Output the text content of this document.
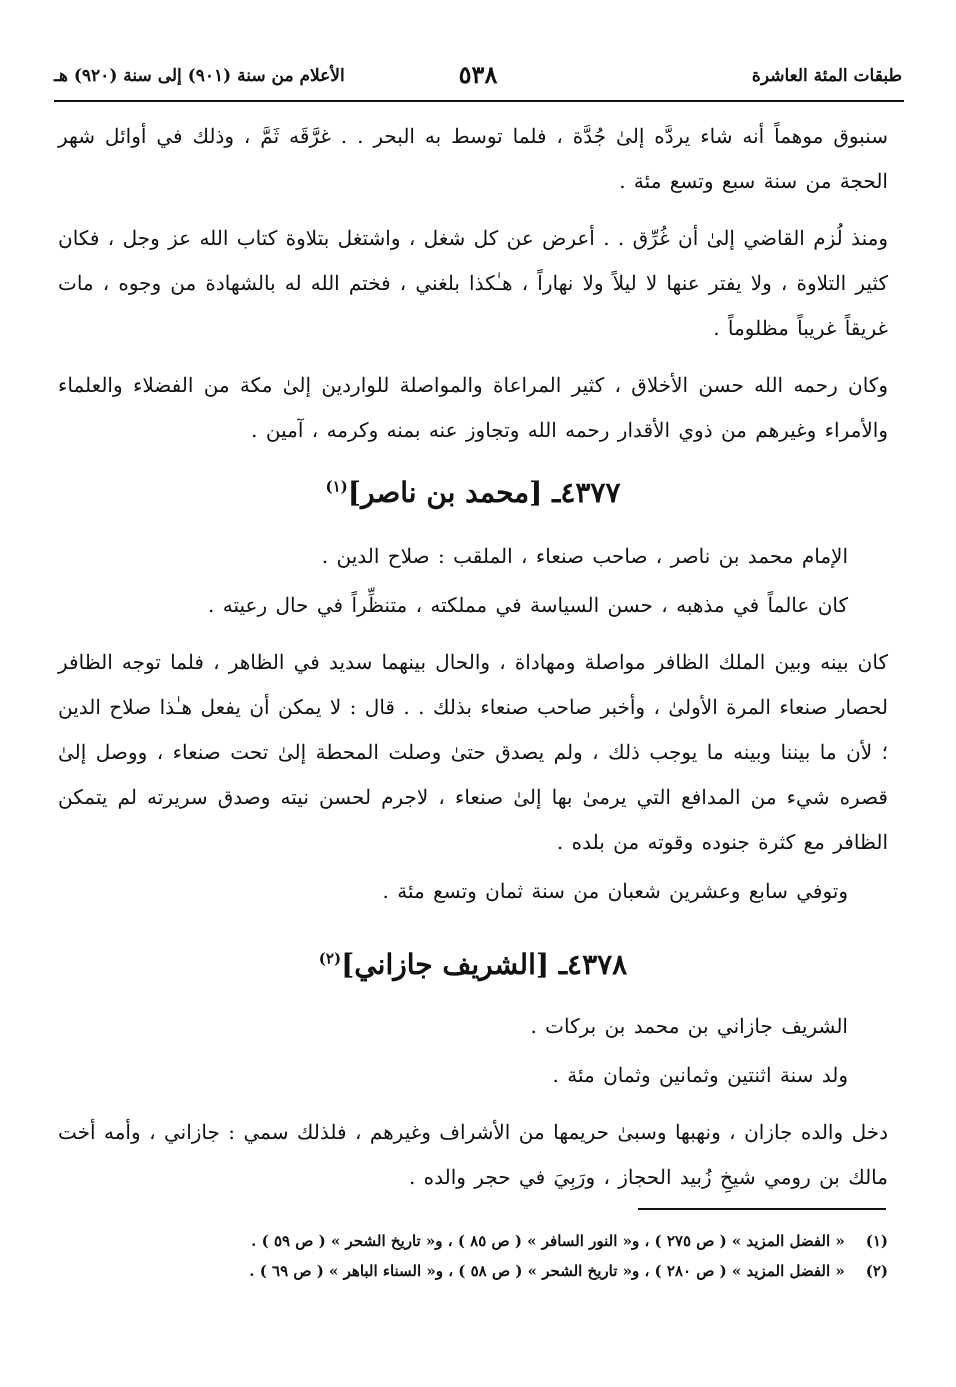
طبقات المئة العاشرة
٥٣٨
الأعلام من سنة (٩٠١) إلى سنة (٩٢٠) هـ

سنبوق موهماً أنه شاء يردَّه إلىٰ جُدَّة ، فلما توسط به البحر . . غرَّقَه ثَمَّ ، وذلك في أوائل شهر الحجة من سنة سبع وتسع مئة .

ومنذ لُزم القاضي إلىٰ أن غُرِّق . . أعرض عن كل شغل ، واشتغل بتلاوة كتاب الله عز وجل ، فكان كثير التلاوة ، ولا يفتر عنها لا ليلاً ولا نهاراً ، هـٰكذا بلغني ، فختم الله له بالشهادة من وجوه ، مات غريقاً غريباً مظلوماً .

وكان رحمه الله حسن الأخلاق ، كثير المراعاة والمواصلة للواردين إلىٰ مكة من الفضلاء والعلماء والأمراء وغيرهم من ذوي الأقدار رحمه الله وتجاوز عنه بمنه وكرمه ، آمين .

٤٣٧٧ـ [محمد بن ناصر]$^{(١)}$

الإمام محمد بن ناصر ، صاحب صنعاء ، الملقب : صلاح الدين .

كان عالماً في مذهبه ، حسن السياسة في مملكته ، متنظِّراً في حال رعيته .

كان بينه وبين الملك الظافر مواصلة ومهاداة ، والحال بينهما سديد في الظاهر ، فلما توجه الظافر لحصار صنعاء المرة الأولىٰ ، وأخبر صاحب صنعاء بذلك . . قال : لا يمكن أن يفعل هـٰذا صلاح الدين ؛ لأن ما بيننا وبينه ما يوجب ذلك ، ولم يصدق حتىٰ وصلت المحطة إلىٰ تحت صنعاء ، ووصل إلىٰ قصره شيء من المدافع التي يرمىٰ بها إلىٰ صنعاء ، لاجرم لحسن نيته وصدق سريرته لم يتمكن الظافر مع كثرة جنوده وقوته من بلده .

وتوفي سابع وعشرين شعبان من سنة ثمان وتسع مئة .

٤٣٧٨ـ [الشريف جازاني]$^{(٢)}$

الشريف جازاني بن محمد بن بركات .

ولد سنة اثنتين وثمانين وثمان مئة .

دخل والده جازان ، ونهبها وسبىٰ حريمها من الأشراف وغيرهم ، فلذلك سمي : جازاني ، وأمه أخت مالك بن رومي شيخِ زُبيد الحجاز ، ورَبِيَ في حجر والده .

(١) « الفضل المزيد » ( ص ٢٧٥ ) ، و« النور السافر » ( ص ٨٥ ) ، و« تاريخ الشحر » ( ص ٥٩ ) .

(٢) « الفضل المزيد » ( ص ٢٨٠ ) ، و« تاريخ الشحر » ( ص ٥٨ ) ، و« السناء الباهر » ( ص ٦٩ ) .
